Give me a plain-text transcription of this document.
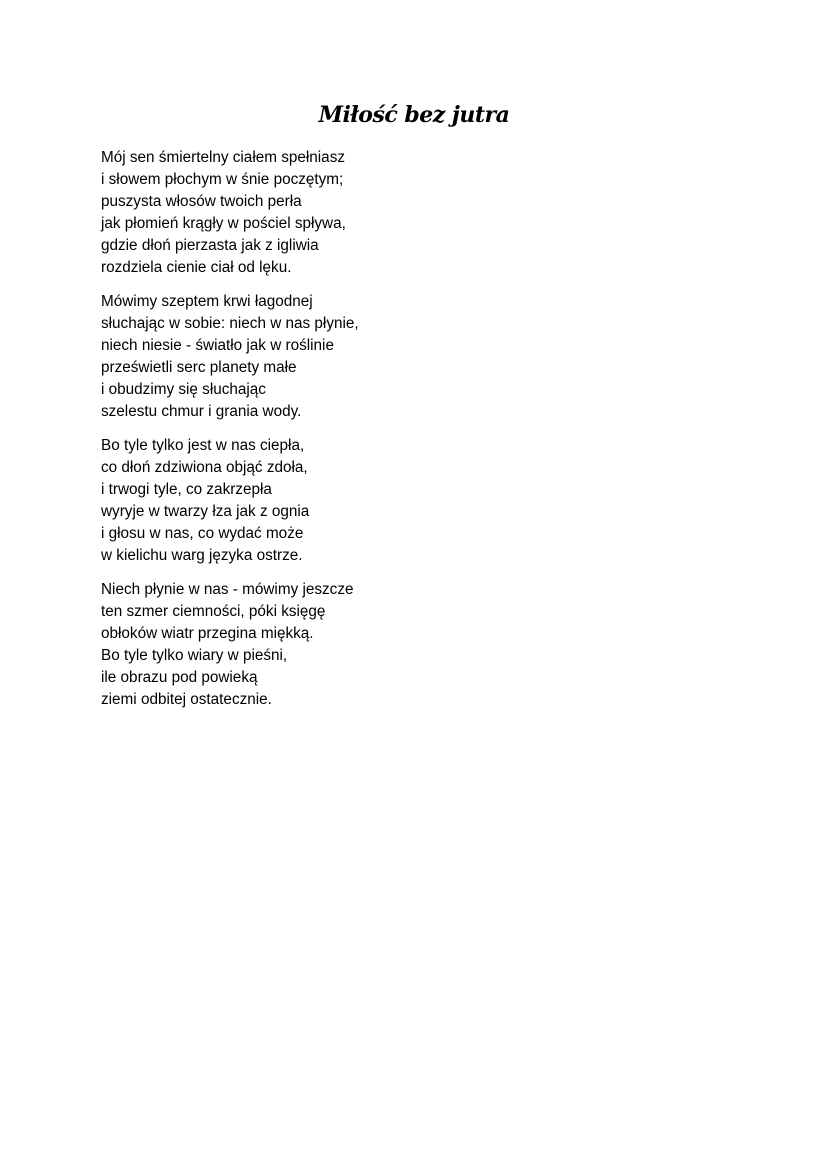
Miłość bez jutra
Mój sen śmiertelny ciałem spełniasz
i słowem płochym w śnie poczętym;
puszysta włosów twoich perła
jak płomień krągły w pościel spływa,
gdzie dłoń pierzasta jak z igliwia
rozdziela cienie ciał od lęku.
Mówimy szeptem krwi łagodnej
słuchając w sobie: niech w nas płynie,
niech niesie - światło jak w roślinie
prześwietli serc planety małe
i obudzimy się słuchając
szelestu chmur i grania wody.
Bo tyle tylko jest w nas ciepła,
co dłoń zdziwiona objąć zdoła,
i trwogi tyle, co zakrzepła
wyryje w twarzy łza jak z ognia
i głosu w nas, co wydać może
w kielichu warg języka ostrze.
Niech płynie w nas - mówimy jeszcze
ten szmer ciemności, póki księgę
obłoków wiatr przegina miękką.
Bo tyle tylko wiary w pieśni,
ile obrazu pod powieką
ziemi odbitej ostatecznie.
